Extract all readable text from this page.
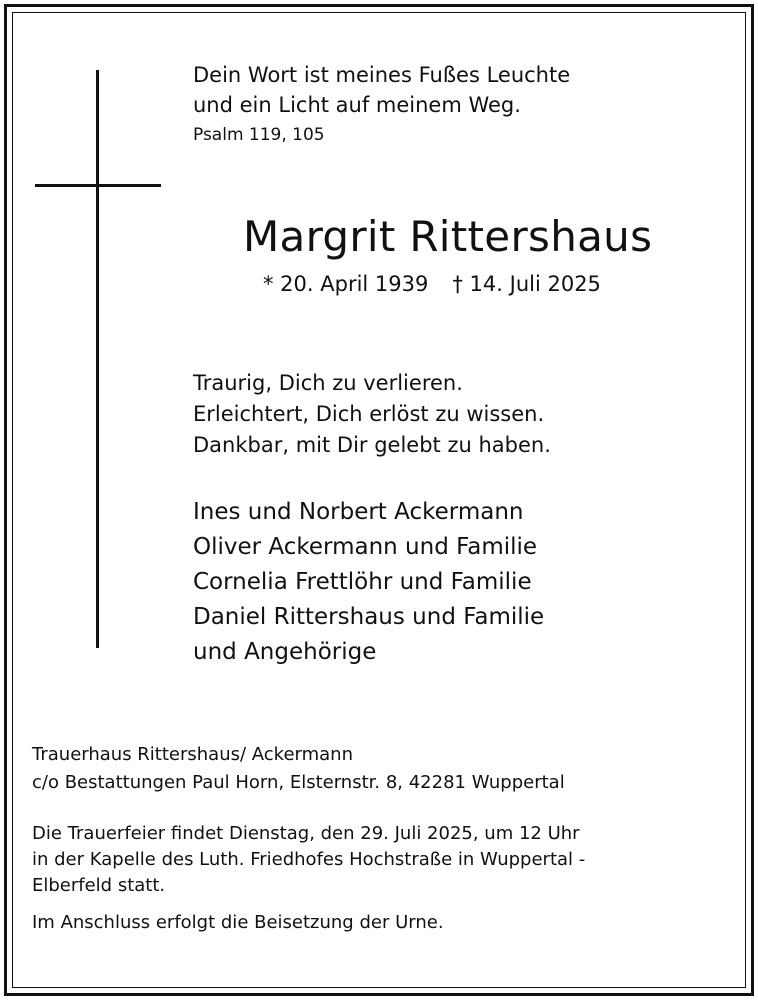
Dein Wort ist meines Fußes Leuchte
und ein Licht auf meinem Weg.
Psalm 119, 105
Margrit Rittershaus
* 20. April 1939 † 14. Juli 2025
Traurig, Dich zu verlieren.
Erleichtert, Dich erlöst zu wissen.
Dankbar, mit Dir gelebt zu haben.
Ines und Norbert Ackermann
Oliver Ackermann und Familie
Cornelia Frettlöhr und Familie
Daniel Rittershaus und Familie
und Angehörige
Trauerhaus Rittershaus/ Ackermann
c/o Bestattungen Paul Horn, Elsternstr. 8, 42281 Wuppertal
Die Trauerfeier findet Dienstag, den 29. Juli 2025, um 12 Uhr
in der Kapelle des Luth. Friedhofes Hochstraße in Wuppertal -
Elberfeld statt.
Im Anschluss erfolgt die Beisetzung der Urne.
